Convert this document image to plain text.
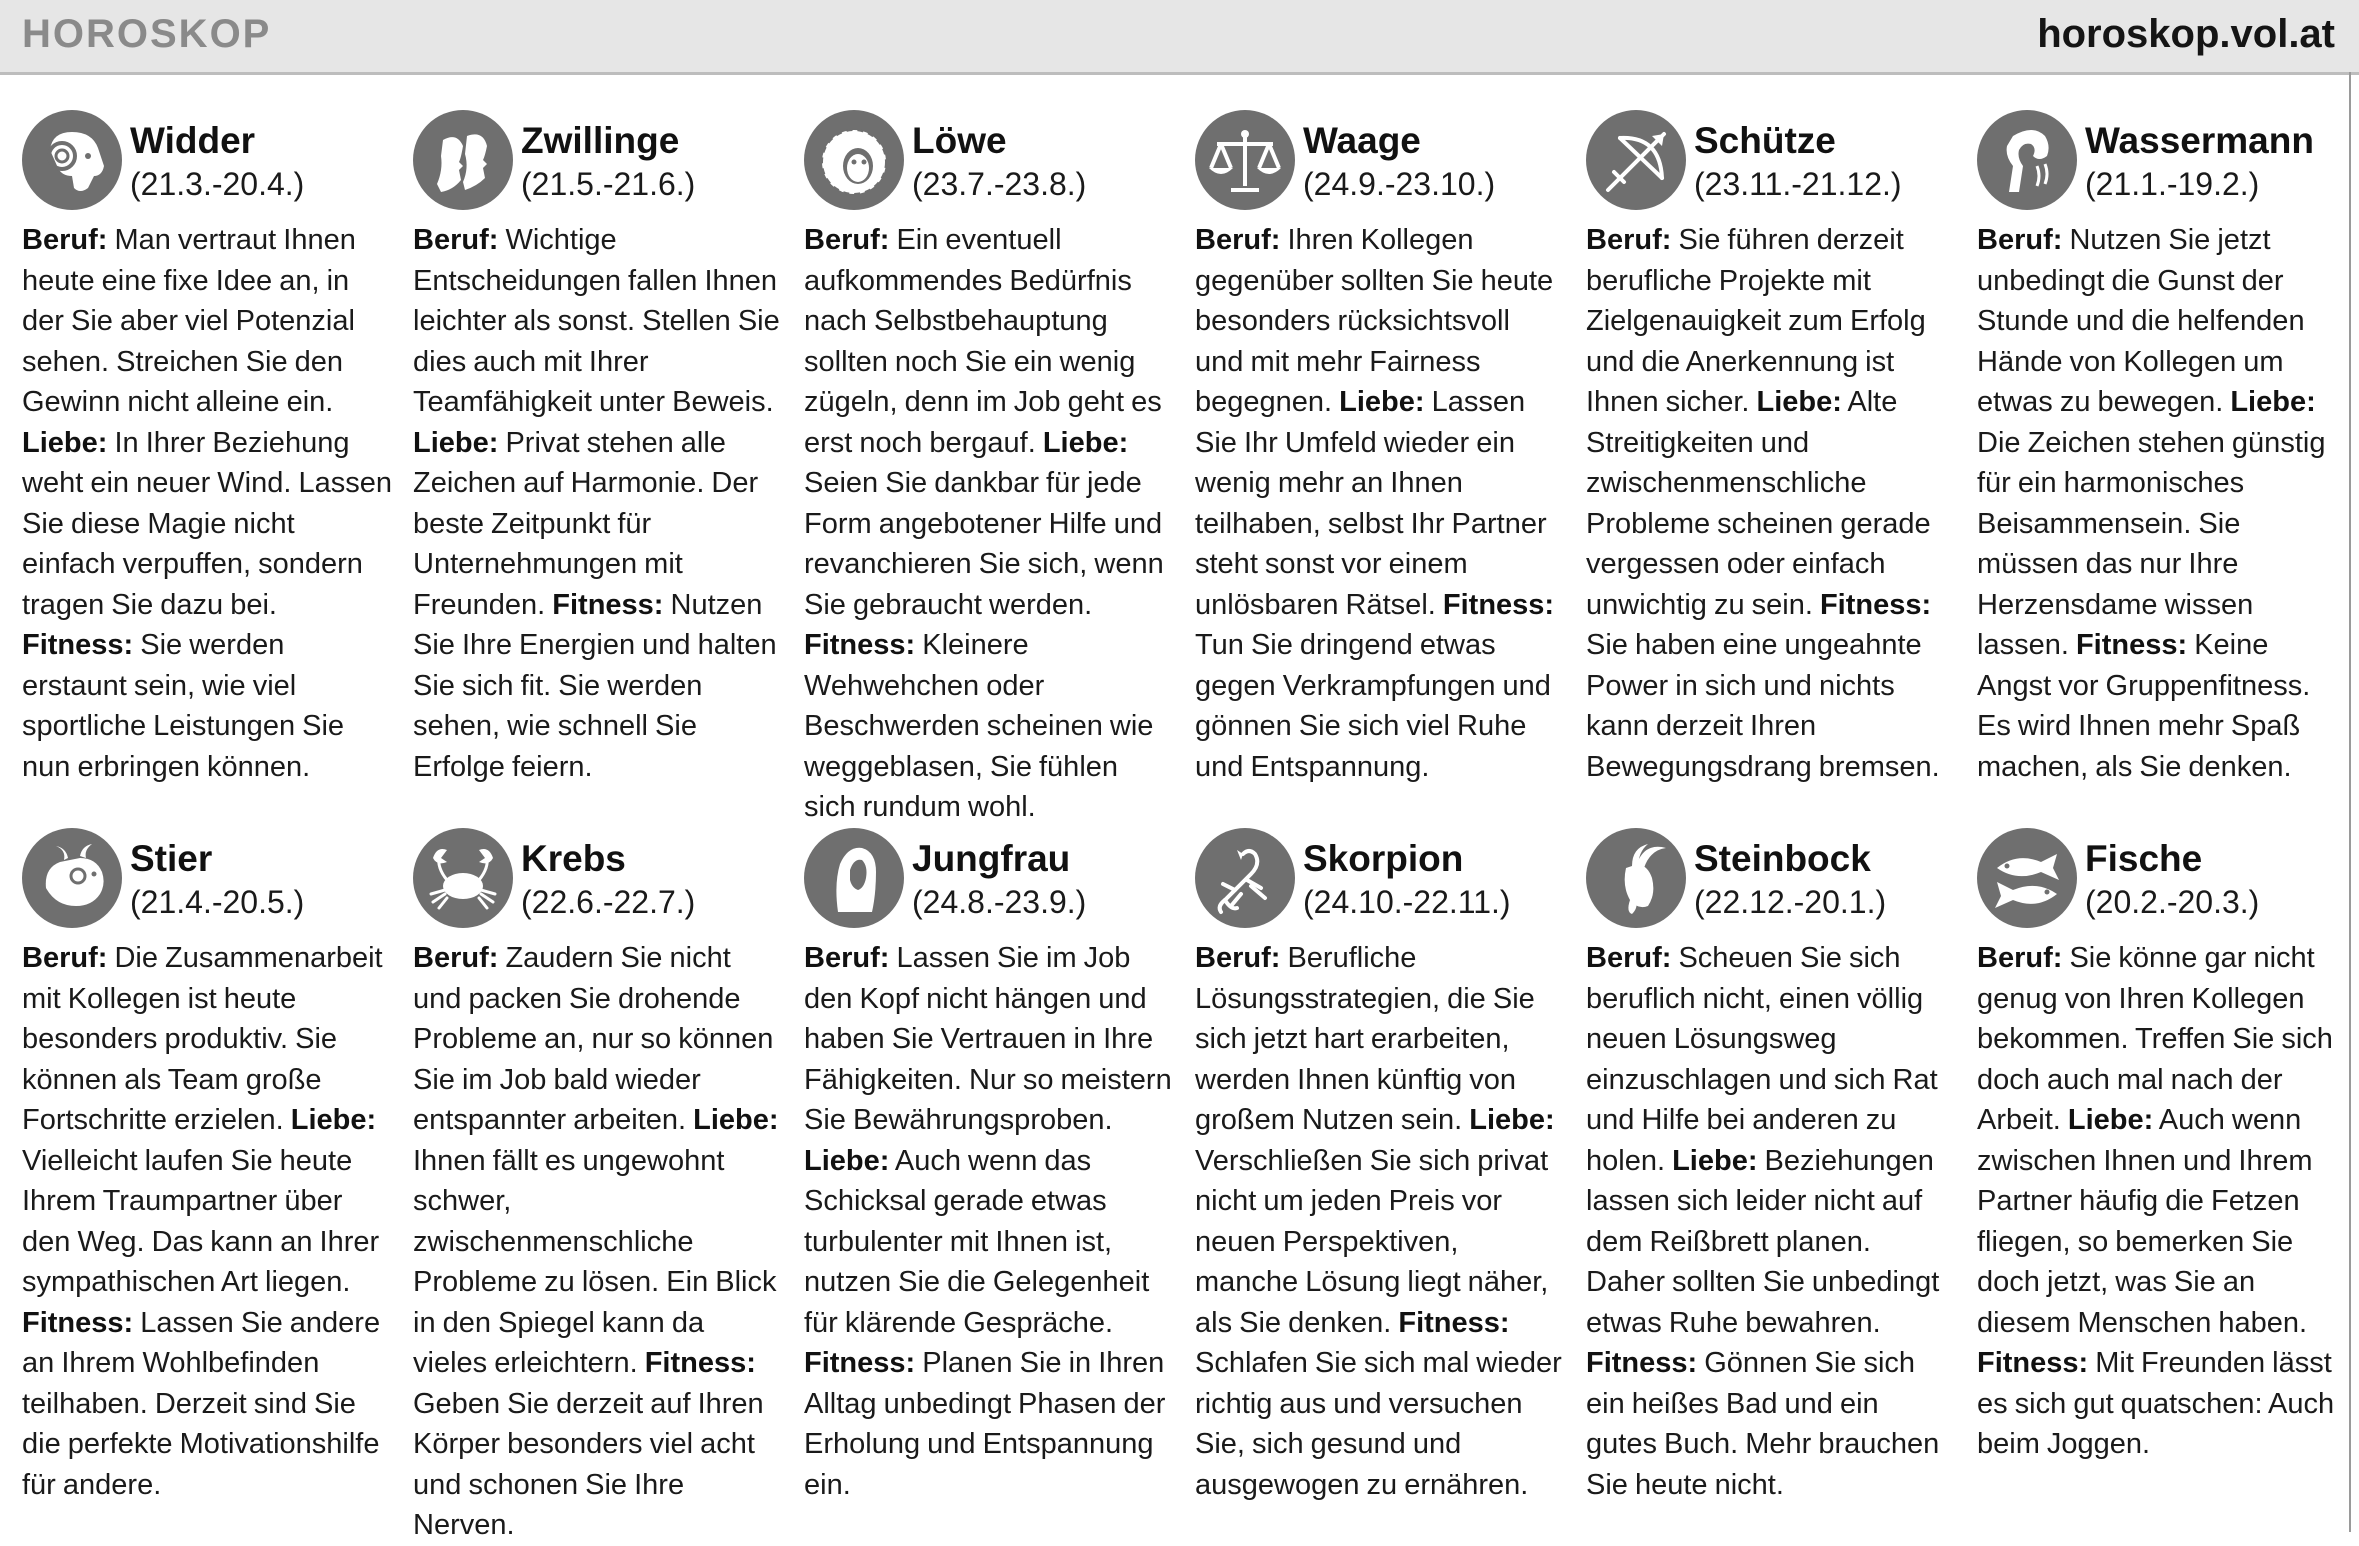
HOROSKOP	horoskop.vol.at
Widder
(21.3.-20.4.)
Beruf: Man vertraut Ihnen heute eine fixe Idee an, in der Sie aber viel Potenzial sehen. Streichen Sie den Gewinn nicht alleine ein. Liebe: In Ihrer Beziehung weht ein neuer Wind. Lassen Sie diese Magie nicht einfach verpuffen, sondern tragen Sie dazu bei. Fitness: Sie werden erstaunt sein, wie viel sportliche Leistungen Sie nun erbringen können.
Zwillinge
(21.5.-21.6.)
Beruf: Wichtige Entscheidungen fallen Ihnen leichter als sonst. Stellen Sie dies auch mit Ihrer Teamfähigkeit unter Beweis. Liebe: Privat stehen alle Zeichen auf Harmonie. Der beste Zeitpunkt für Unternehmungen mit Freunden. Fitness: Nutzen Sie Ihre Energien und halten Sie sich fit. Sie werden sehen, wie schnell Sie Erfolge feiern.
Löwe
(23.7.-23.8.)
Beruf: Ein eventuell aufkommendes Bedürfnis nach Selbstbehauptung sollten noch Sie ein wenig zügeln, denn im Job geht es erst noch bergauf. Liebe: Seien Sie dankbar für jede Form angebotener Hilfe und revanchieren Sie sich, wenn Sie gebraucht werden. Fitness: Kleinere Wehwehchen oder Beschwerden scheinen wie weggeblasen, Sie fühlen sich rundum wohl.
Waage
(24.9.-23.10.)
Beruf: Ihren Kollegen gegenüber sollten Sie heute besonders rücksichtsvoll und mit mehr Fairness begegnen. Liebe: Lassen Sie Ihr Umfeld wieder ein wenig mehr an Ihnen teilhaben, selbst Ihr Partner steht sonst vor einem unlösbaren Rätsel. Fitness: Tun Sie dringend etwas gegen Verkrampfungen und gönnen Sie sich viel Ruhe und Entspannung.
Schütze
(23.11.-21.12.)
Beruf: Sie führen derzeit berufliche Projekte mit Zielgenauigkeit zum Erfolg und die Anerkennung ist Ihnen sicher. Liebe: Alte Streitigkeiten und zwischenmenschliche Probleme scheinen gerade vergessen oder einfach unwichtig zu sein. Fitness: Sie haben eine ungeahnte Power in sich und nichts kann derzeit Ihren Bewegungsdrang bremsen.
Wassermann
(21.1.-19.2.)
Beruf: Nutzen Sie jetzt unbedingt die Gunst der Stunde und die helfenden Hände von Kollegen um etwas zu bewegen. Liebe: Die Zeichen stehen günstig für ein harmonisches Beisammensein. Sie müssen das nur Ihre Herzensdame wissen lassen. Fitness: Keine Angst vor Gruppenfitness. Es wird Ihnen mehr Spaß machen, als Sie denken.
Stier
(21.4.-20.5.)
Beruf: Die Zusammenarbeit mit Kollegen ist heute besonders produktiv. Sie können als Team große Fortschritte erzielen. Liebe: Vielleicht laufen Sie heute Ihrem Traumpartner über den Weg. Das kann an Ihrer sympathischen Art liegen. Fitness: Lassen Sie andere an Ihrem Wohlbefinden teilhaben. Derzeit sind Sie die perfekte Motivationshilfe für andere.
Krebs
(22.6.-22.7.)
Beruf: Zaudern Sie nicht und packen Sie drohende Probleme an, nur so können Sie im Job bald wieder entspannter arbeiten. Liebe: Ihnen fällt es ungewohnt schwer, zwischenmenschliche Probleme zu lösen. Ein Blick in den Spiegel kann da vieles erleichtern. Fitness: Geben Sie derzeit auf Ihren Körper besonders viel acht und schonen Sie Ihre Nerven.
Jungfrau
(24.8.-23.9.)
Beruf: Lassen Sie im Job den Kopf nicht hängen und haben Sie Vertrauen in Ihre Fähigkeiten. Nur so meistern Sie Bewährungsproben. Liebe: Auch wenn das Schicksal gerade etwas turbulenter mit Ihnen ist, nutzen Sie die Gelegenheit für klärende Gespräche. Fitness: Planen Sie in Ihren Alltag unbedingt Phasen der Erholung und Entspannung ein.
Skorpion
(24.10.-22.11.)
Beruf: Berufliche Lösungsstrategien, die Sie sich jetzt hart erarbeiten, werden Ihnen künftig von großem Nutzen sein. Liebe: Verschließen Sie sich privat nicht um jeden Preis vor neuen Perspektiven, manche Lösung liegt näher, als Sie denken. Fitness: Schlafen Sie sich mal wieder richtig aus und versuchen Sie, sich gesund und ausgewogen zu ernähren.
Steinbock
(22.12.-20.1.)
Beruf: Scheuen Sie sich beruflich nicht, einen völlig neuen Lösungsweg einzuschlagen und sich Rat und Hilfe bei anderen zu holen. Liebe: Beziehungen lassen sich leider nicht auf dem Reißbrett planen. Daher sollten Sie unbedingt etwas Ruhe bewahren. Fitness: Gönnen Sie sich ein heißes Bad und ein gutes Buch. Mehr brauchen Sie heute nicht.
Fische
(20.2.-20.3.)
Beruf: Sie könne gar nicht genug von Ihren Kollegen bekommen. Treffen Sie sich doch auch mal nach der Arbeit. Liebe: Auch wenn zwischen Ihnen und Ihrem Partner häufig die Fetzen fliegen, so bemerken Sie doch jetzt, was Sie an diesem Menschen haben. Fitness: Mit Freunden lässt es sich gut quatschen: Auch beim Joggen.
